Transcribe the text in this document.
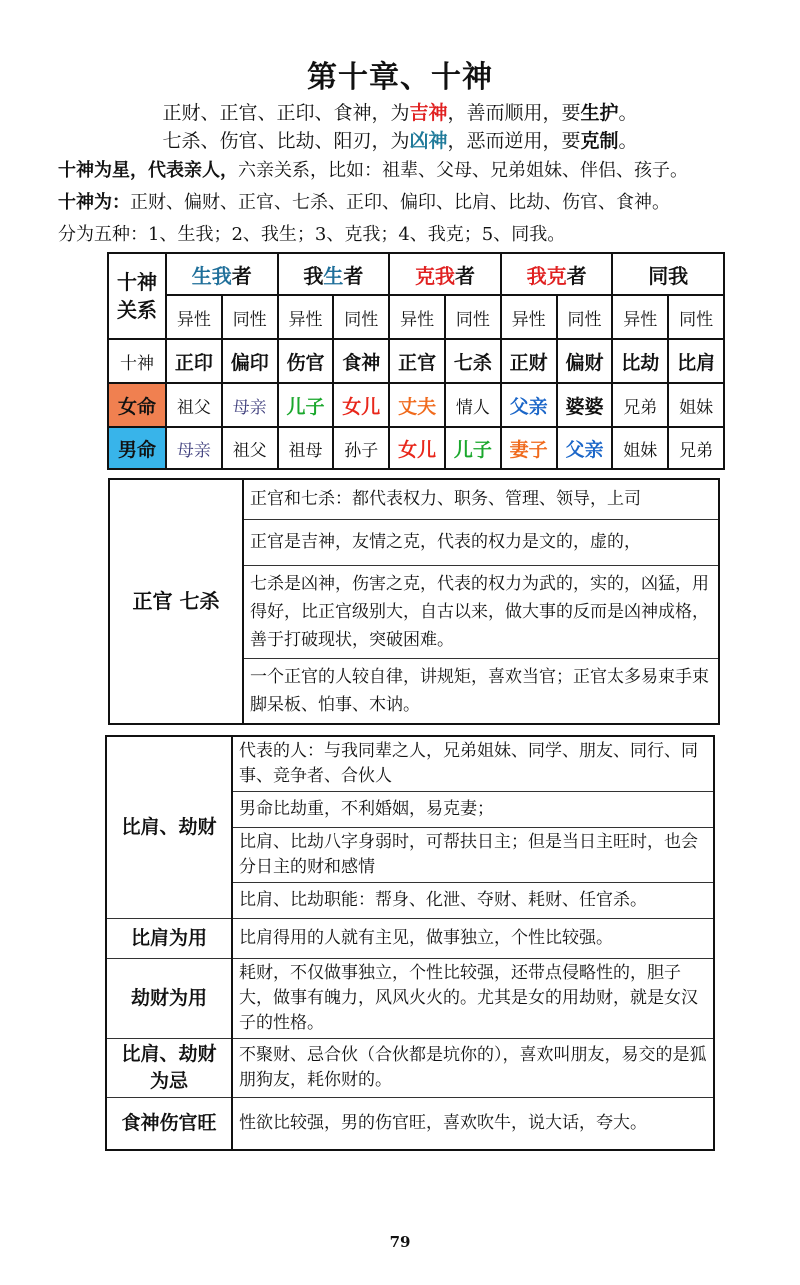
第十章、十神
正财、正官、正印、食神，为吉神，善而顺用，要生护。
七杀、伤官、比劫、阳刃，为凶神，恶而逆用，要克制。
十神为星，代表亲人，六亲关系，比如：祖辈、父母、兄弟姐妹、伴侣、孩子。
十神为：正财、偏财、正官、七杀、正印、偏印、比肩、比劫、伤官、食神。
分为五种：1、生我；2、我生；3、克我；4、我克；5、同我。
十神关系	生我者		我生者		克我者		我克者		同我	
	异性	同性	异性	同性	异性	同性	异性	同性	异性	同性
十神	正印	偏印	伤官	食神	正官	七杀	正财	偏财	比劫	比肩
女命	祖父	母亲	儿子	女儿	丈夫	情人	父亲	婆婆	兄弟	姐妹
男命	母亲	祖父	祖母	孙子	女儿	儿子	妻子	父亲	姐妹	兄弟
正官 七杀	正官和七杀：都代表权力、职务、管理、领导，上司
正官是吉神，友情之克，代表的权力是文的，虚的，
七杀是凶神，伤害之克，代表的权力为武的，实的，凶猛，用得好，比正官级别大，自古以来，做大事的反而是凶神成格，善于打破现状，突破困难。
一个正官的人较自律，讲规矩，喜欢当官；正官太多易束手束脚呆板、怕事、木讷。
比肩、劫财	代表的人：与我同辈之人，兄弟姐妹、同学、朋友、同行、同事、竞争者、合伙人
	男命比劫重，不利婚姻，易克妻；
	比肩、比劫八字身弱时，可帮扶日主；但是当日主旺时，也会分日主的财和感情
	比肩、比劫职能：帮身、化泄、夺财、耗财、任官杀。
比肩为用	比肩得用的人就有主见，做事独立，个性比较强。
劫财为用	耗财，不仅做事独立，个性比较强，还带点侵略性的，胆子大，做事有魄力，风风火火的。尤其是女的用劫财，就是女汉子的性格。
比肩、劫财为忌	不聚财、忌合伙（合伙都是坑你的），喜欢叫朋友，易交的是狐朋狗友，耗你财的。
食神伤官旺	性欲比较强，男的伤官旺，喜欢吹牛，说大话，夸大。
79
